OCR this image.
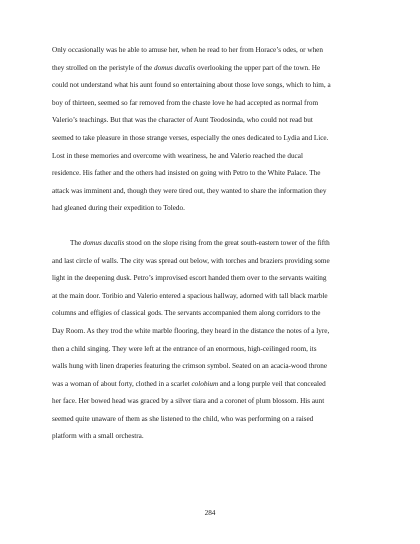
Only occasionally was he able to amuse her, when he read to her from Horace’s odes, or when
they strolled on the peristyle of the domus ducalis overlooking the upper part of the town. He
could not understand what his aunt found so entertaining about those love songs, which to him, a
boy of thirteen, seemed so far removed from the chaste love he had accepted as normal from
Valerio’s teachings. But that was the character of Aunt Teodosinda, who could not read but
seemed to take pleasure in those strange verses, especially the ones dedicated to Lydia and Lice.
Lost in these memories and overcome with weariness, he and Valerio reached the ducal
residence. His father and the others had insisted on going with Petro to the White Palace. The
attack was imminent and, though they were tired out, they wanted to share the information they
had gleaned during their expedition to Toledo.
The domus ducalis stood on the slope rising from the great south-eastern tower of the fifth
and last circle of walls. The city was spread out below, with torches and braziers providing some
light in the deepening dusk. Petro’s improvised escort handed them over to the servants waiting
at the main door. Toribio and Valerio entered a spacious hallway, adorned with tall black marble
columns and effigies of classical gods. The servants accompanied them along corridors to the
Day Room. As they trod the white marble flooring, they heard in the distance the notes of a lyre,
then a child singing. They were left at the entrance of an enormous, high-ceilinged room, its
walls hung with linen draperies featuring the crimson symbol. Seated on an acacia-wood throne
was a woman of about forty, clothed in a scarlet colobium and a long purple veil that concealed
her face. Her bowed head was graced by a silver tiara and a coronet of plum blossom. His aunt
seemed quite unaware of them as she listened to the child, who was performing on a raised
platform with a small orchestra.
284
